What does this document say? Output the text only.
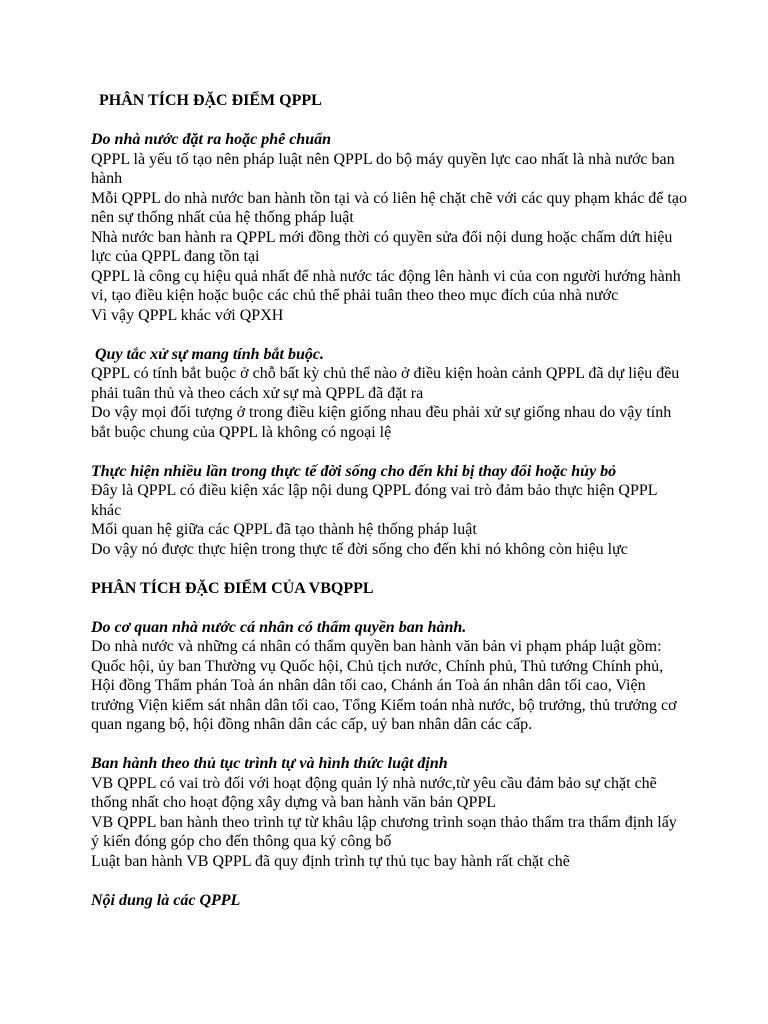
PHÂN TÍCH ĐẶC ĐIỂM QPPL

Do nhà nước đặt ra hoặc phê chuẩn

QPPL là yếu tố tạo nên pháp luật nên QPPL do bộ máy quyền lực cao nhất là nhà nước ban hành

Mỗi QPPL do nhà nước ban hành tồn tại và có liên hệ chặt chẽ với các quy phạm khác để tạo nên sự thống nhất của hệ thống pháp luật

Nhà nước ban hành ra QPPL mới đồng thời có quyền sửa đổi nội dung hoặc chấm dứt hiệu lực của QPPL đang tồn tại

QPPL là công cụ hiệu quả nhất để nhà nước tác động lên hành vi của con người hướng hành vi, tạo điều kiện hoặc buộc các chủ thể phải tuân theo theo mục đích của nhà nước

Vì vậy QPPL khác với QPXH

Quy tắc xử sự mang tính bắt buộc.

QPPL có tính bắt buộc ở chỗ bất kỳ chủ thể nào ở điều kiện hoàn cảnh QPPL đã dự liệu đều phải tuân thủ và theo cách xử sự mà QPPL đã đặt ra

Do vậy mọi đối tượng ở trong điều kiện giống nhau đều phải xử sự giống nhau do vậy tính bắt buộc chung của QPPL là không có ngoại lệ

Thực hiện nhiều lần trong thực tế đời sống cho đến khi bị thay đổi hoặc hủy bỏ

Đây là QPPL có điều kiện xác lập nội dung QPPL đóng vai trò đảm bảo thực hiện QPPL khác

Mối quan hệ giữa các QPPL đã tạo thành hệ thống pháp luật

Do vậy nó được thực hiện trong thực tế đời sống cho đến khi nó không còn hiệu lực

PHÂN TÍCH ĐẶC ĐIỂM CỦA VBQPPL

Do cơ quan nhà nước cá nhân có thẩm quyền ban hành.

Do nhà nước và những cá nhân có thẩm quyền ban hành văn bản vi phạm pháp luật gồm: Quốc hội, ủy ban Thường vụ Quốc hội, Chủ tịch nước, Chính phủ, Thủ tướng Chính phủ, Hội đồng Thẩm phán Toà án nhân dân tối cao, Chánh án Toà án nhân dân tối cao, Viện trưởng Viện kiểm sát nhân dân tối cao, Tổng Kiểm toán nhà nước, bộ trưởng, thủ trưởng cơ quan ngang bộ, hội đồng nhân dân các cấp, uỷ ban nhân dân các cấp.

Ban hành theo thủ tục trình tự và hình thức luật định

VB QPPL có vai trò đối với hoạt động quản lý nhà nước,từ yêu cầu đảm bảo sự chặt chẽ thống nhất cho hoạt động xây dựng và ban hành văn bản QPPL

VB QPPL ban hành theo trình tự từ khâu lập chương trình soạn thảo thẩm tra thẩm định lấy ý kiến đóng góp cho đến thông qua ký công bố

Luật ban hành VB QPPL đã quy định trình tự thủ tục bay hành rất chặt chẽ

Nội dung là các QPPL
